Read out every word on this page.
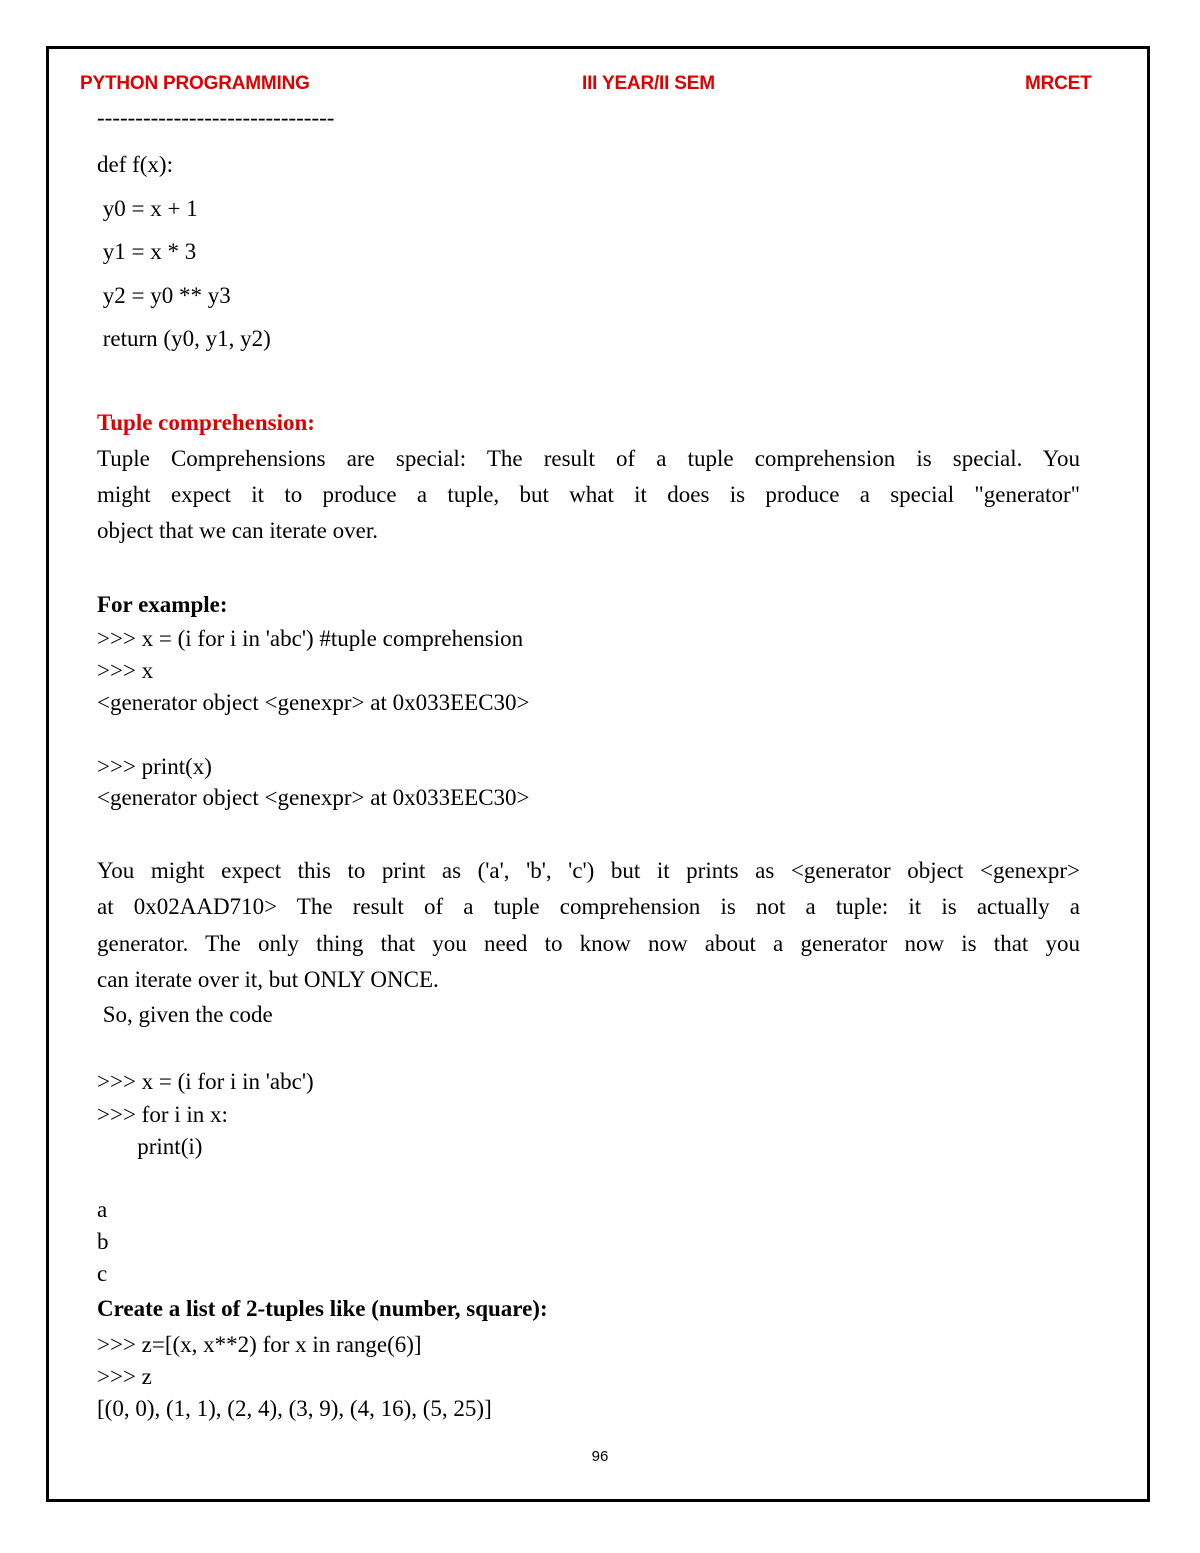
PYTHON PROGRAMMING	III YEAR/II SEM	MRCET
-------------------------------
def f(x):
y0 = x + 1
y1 = x * 3
y2 = y0 ** y3
return (y0, y1, y2)
Tuple comprehension:
Tuple Comprehensions are special: The result of a tuple comprehension is special. You
might expect it to produce a tuple, but what it does is produce a special "generator"
object that we can iterate over.
For example:
>>> x = (i for i in 'abc') #tuple comprehension
>>> x
<generator object <genexpr> at 0x033EEC30>
>>> print(x)
<generator object <genexpr> at 0x033EEC30>
You might expect this to print as ('a', 'b', 'c') but it prints as <generator object <genexpr>
at 0x02AAD710> The result of a tuple comprehension is not a tuple: it is actually a
generator. The only thing that you need to know now about a generator now is that you
can iterate over it, but ONLY ONCE.
So, given the code
>>> x = (i for i in 'abc')
>>> for i in x:
print(i)
a
b
c
Create a list of 2-tuples like (number, square):
>>> z=[(x, x**2) for x in range(6)]
>>> z
[(0, 0), (1, 1), (2, 4), (3, 9), (4, 16), (5, 25)]
96
